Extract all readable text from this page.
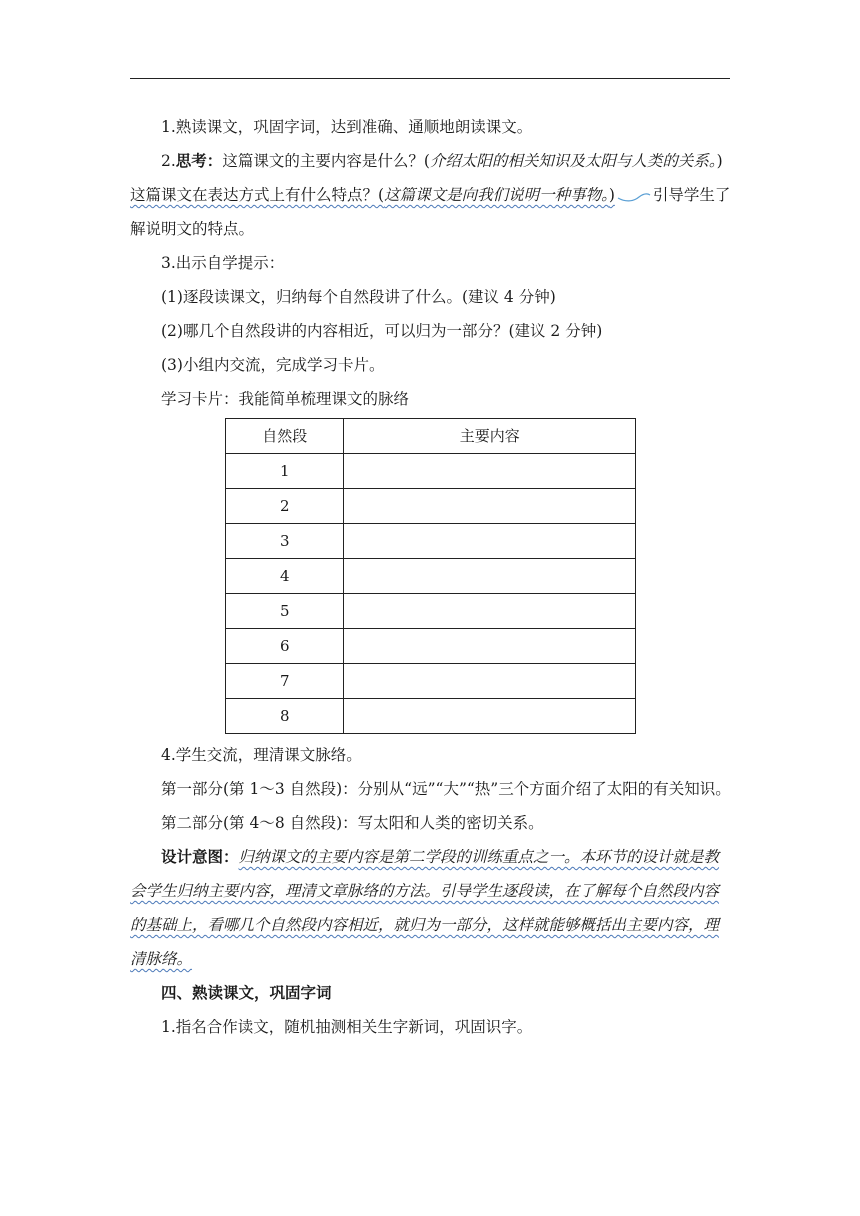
1.熟读课文，巩固字词，达到准确、通顺地朗读课文。

2.思考：这篇课文的主要内容是什么？(介绍太阳的相关知识及太阳与人类的关系。)这篇课文在表达方式上有什么特点？(这篇课文是向我们说明一种事物。) 引导学生了解说明文的特点。

3.出示自学提示：

(1)逐段读课文，归纳每个自然段讲了什么。(建议 4 分钟)

(2)哪几个自然段讲的内容相近，可以归为一部分？(建议 2 分钟)

(3)小组内交流，完成学习卡片。

学习卡片：我能简单梳理课文的脉络

自然段	主要内容
1	
2	
3	
4	
5	
6	
7	
8	

4.学生交流，理清课文脉络。

第一部分(第 1～3 自然段)：分别从“远”“大”“热”三个方面介绍了太阳的有关知识。

第二部分(第 4～8 自然段)：写太阳和人类的密切关系。

设计意图：归纳课文的主要内容是第二学段的训练重点之一。本环节的设计就是教会学生归纳主要内容，理清文章脉络的方法。引导学生逐段读，在了解每个自然段内容的基础上，看哪几个自然段内容相近，就归为一部分，这样就能够概括出主要内容，理清脉络。

四、熟读课文，巩固字词

1.指名合作读文，随机抽测相关生字新词，巩固识字。
